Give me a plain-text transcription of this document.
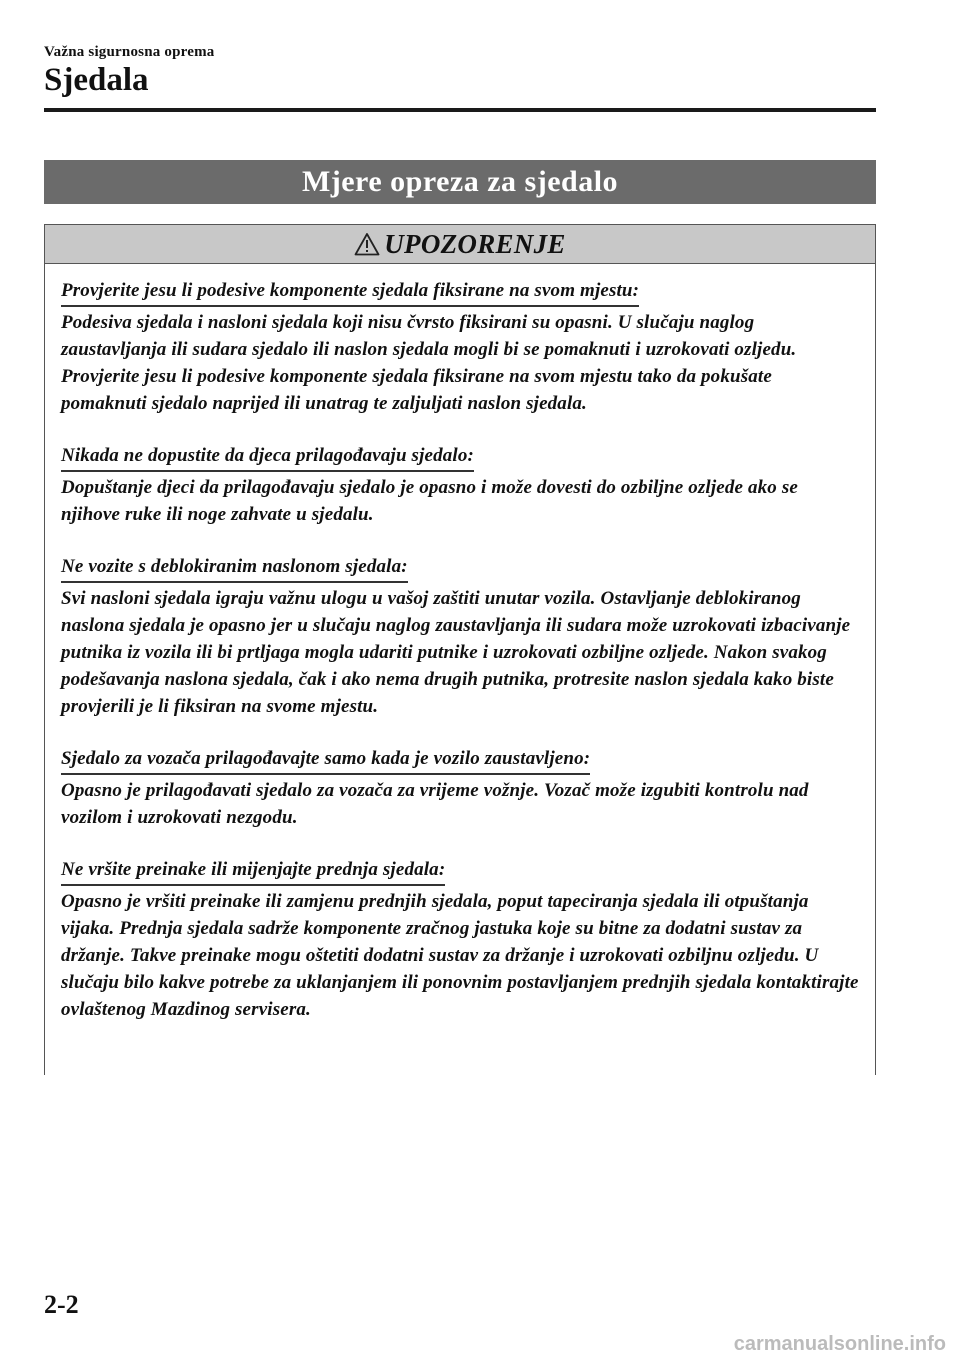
Važna sigurnosna oprema
Sjedala
Mjere opreza za sjedalo
UPOZORENJE
Provjerite jesu li podesive komponente sjedala fiksirane na svom mjestu:

Podesiva sjedala i nasloni sjedala koji nisu čvrsto fiksirani su opasni. U slučaju naglog zaustavljanja ili sudara sjedalo ili naslon sjedala mogli bi se pomaknuti i uzrokovati ozljedu. Provjerite jesu li podesive komponente sjedala fiksirane na svom mjestu tako da pokušate pomaknuti sjedalo naprijed ili unatrag te zaljuljati naslon sjedala.

Nikada ne dopustite da djeca prilagođavaju sjedalo:

Dopuštanje djeci da prilagođavaju sjedalo je opasno i može dovesti do ozbiljne ozljede ako se njihove ruke ili noge zahvate u sjedalu.

Ne vozite s deblokiranim naslonom sjedala:

Svi nasloni sjedala igraju važnu ulogu u vašoj zaštiti unutar vozila. Ostavljanje deblokiranog naslona sjedala je opasno jer u slučaju naglog zaustavljanja ili sudara može uzrokovati izbacivanje putnika iz vozila ili bi prtljaga mogla udariti putnike i uzrokovati ozbiljne ozljede. Nakon svakog podešavanja naslona sjedala, čak i ako nema drugih putnika, protresite naslon sjedala kako biste provjerili je li fiksiran na svome mjestu.

Sjedalo za vozača prilagođavajte samo kada je vozilo zaustavljeno:

Opasno je prilagođavati sjedalo za vozača za vrijeme vožnje. Vozač može izgubiti kontrolu nad vozilom i uzrokovati nezgodu.

Ne vršite preinake ili mijenjajte prednja sjedala:

Opasno je vršiti preinake ili zamjenu prednjih sjedala, poput tapeciranja sjedala ili otpuštanja vijaka. Prednja sjedala sadrže komponente zračnog jastuka koje su bitne za dodatni sustav za držanje. Takve preinake mogu oštetiti dodatni sustav za držanje i uzrokovati ozbiljnu ozljedu. U slučaju bilo kakve potrebe za uklanjanjem ili ponovnim postavljanjem prednjih sjedala kontaktirajte ovlaštenog Mazdinog servisera.

2-2
carmanualsonline.info
